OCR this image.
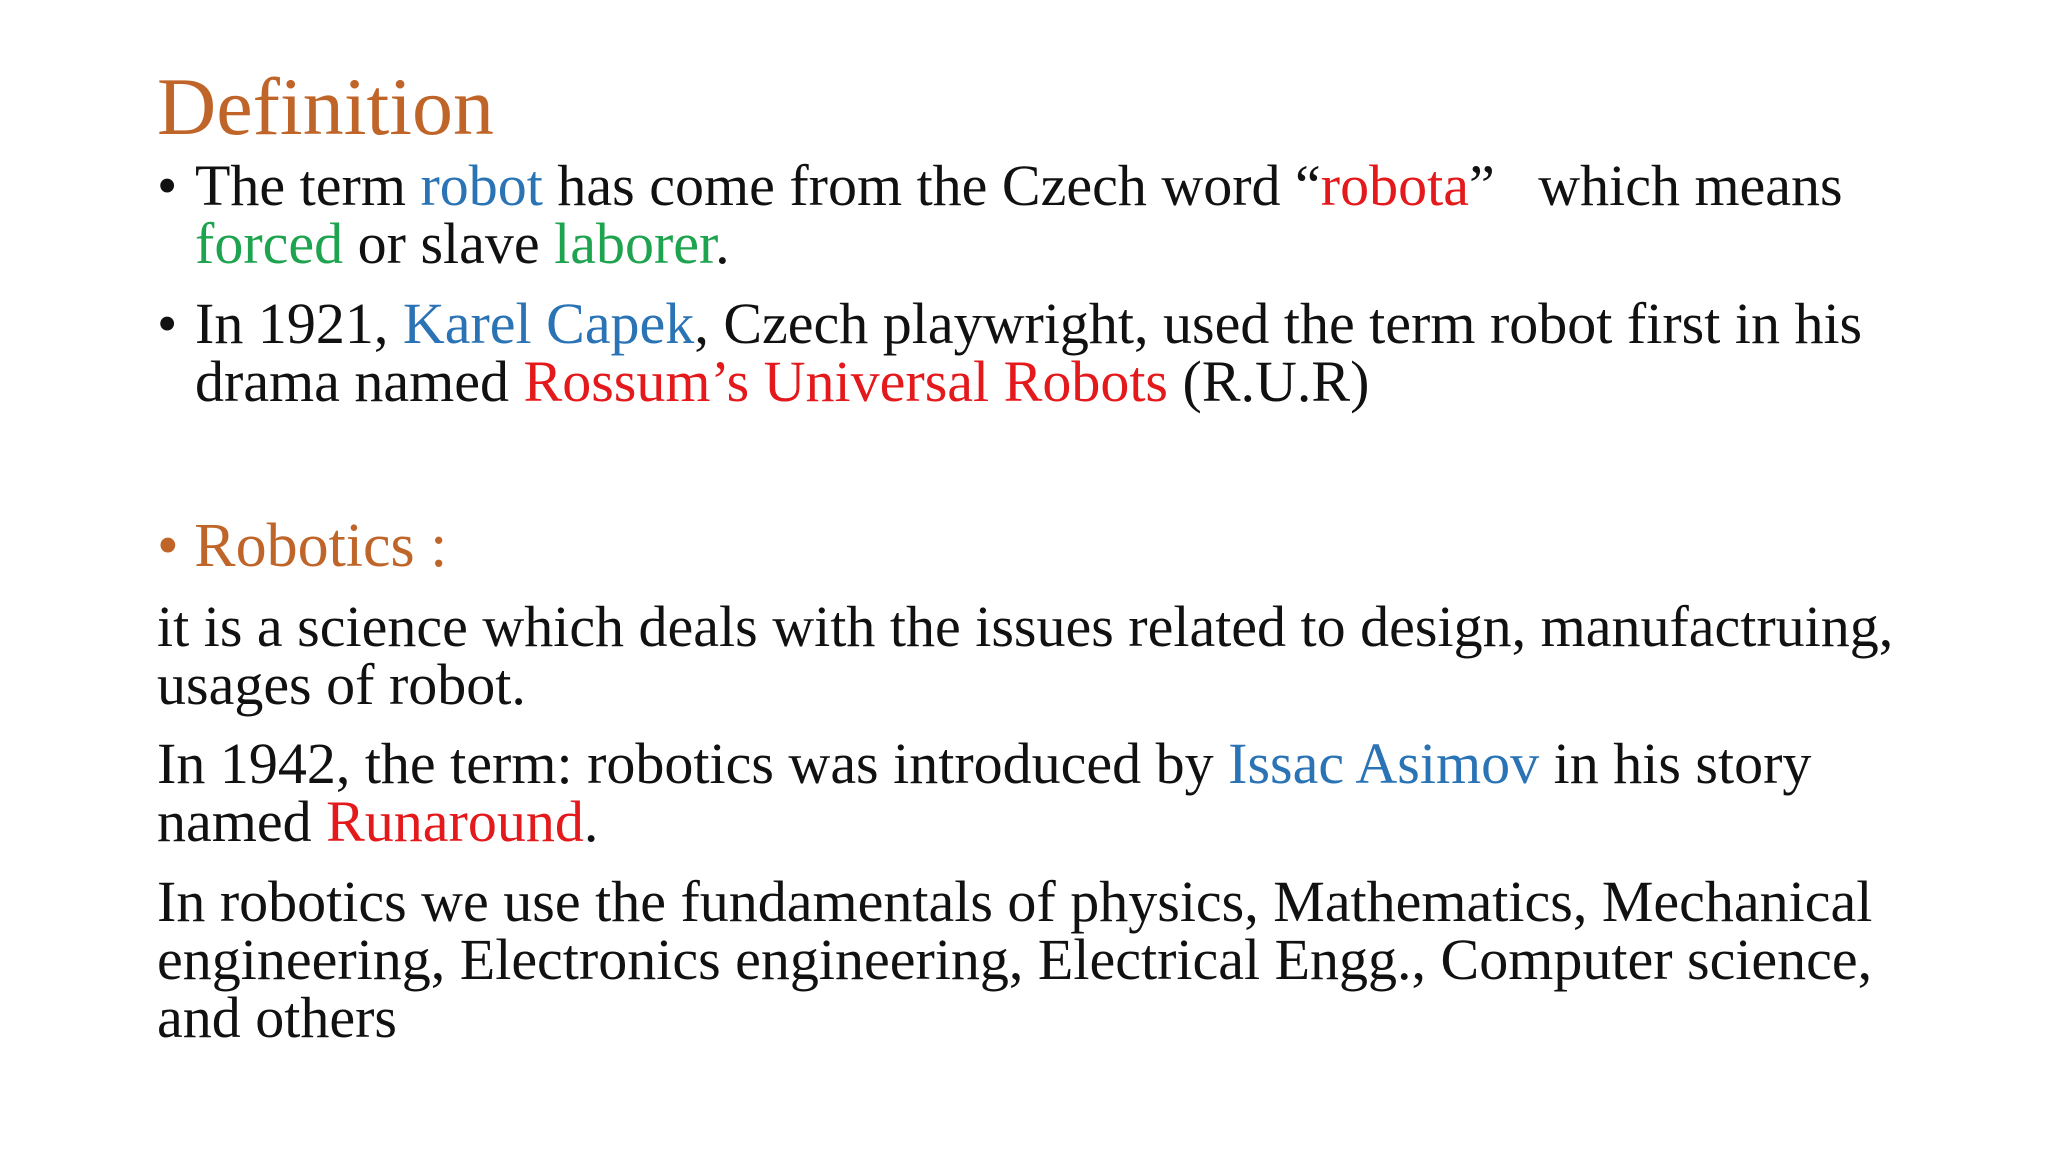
Definition
• The term robot has come from the Czech word “robota”   which means
forced or slave laborer.
• In 1921, Karel Capek, Czech playwright, used the term robot first in his
drama named Rossum’s Universal Robots (R.U.R)
• Robotics :
it is a science which deals with the issues related to design, manufactruing,
usages of robot.
In 1942, the term: robotics was introduced by Issac Asimov in his story
named Runaround.
In robotics we use the fundamentals of physics, Mathematics, Mechanical
engineering, Electronics engineering, Electrical Engg., Computer science,
and others
